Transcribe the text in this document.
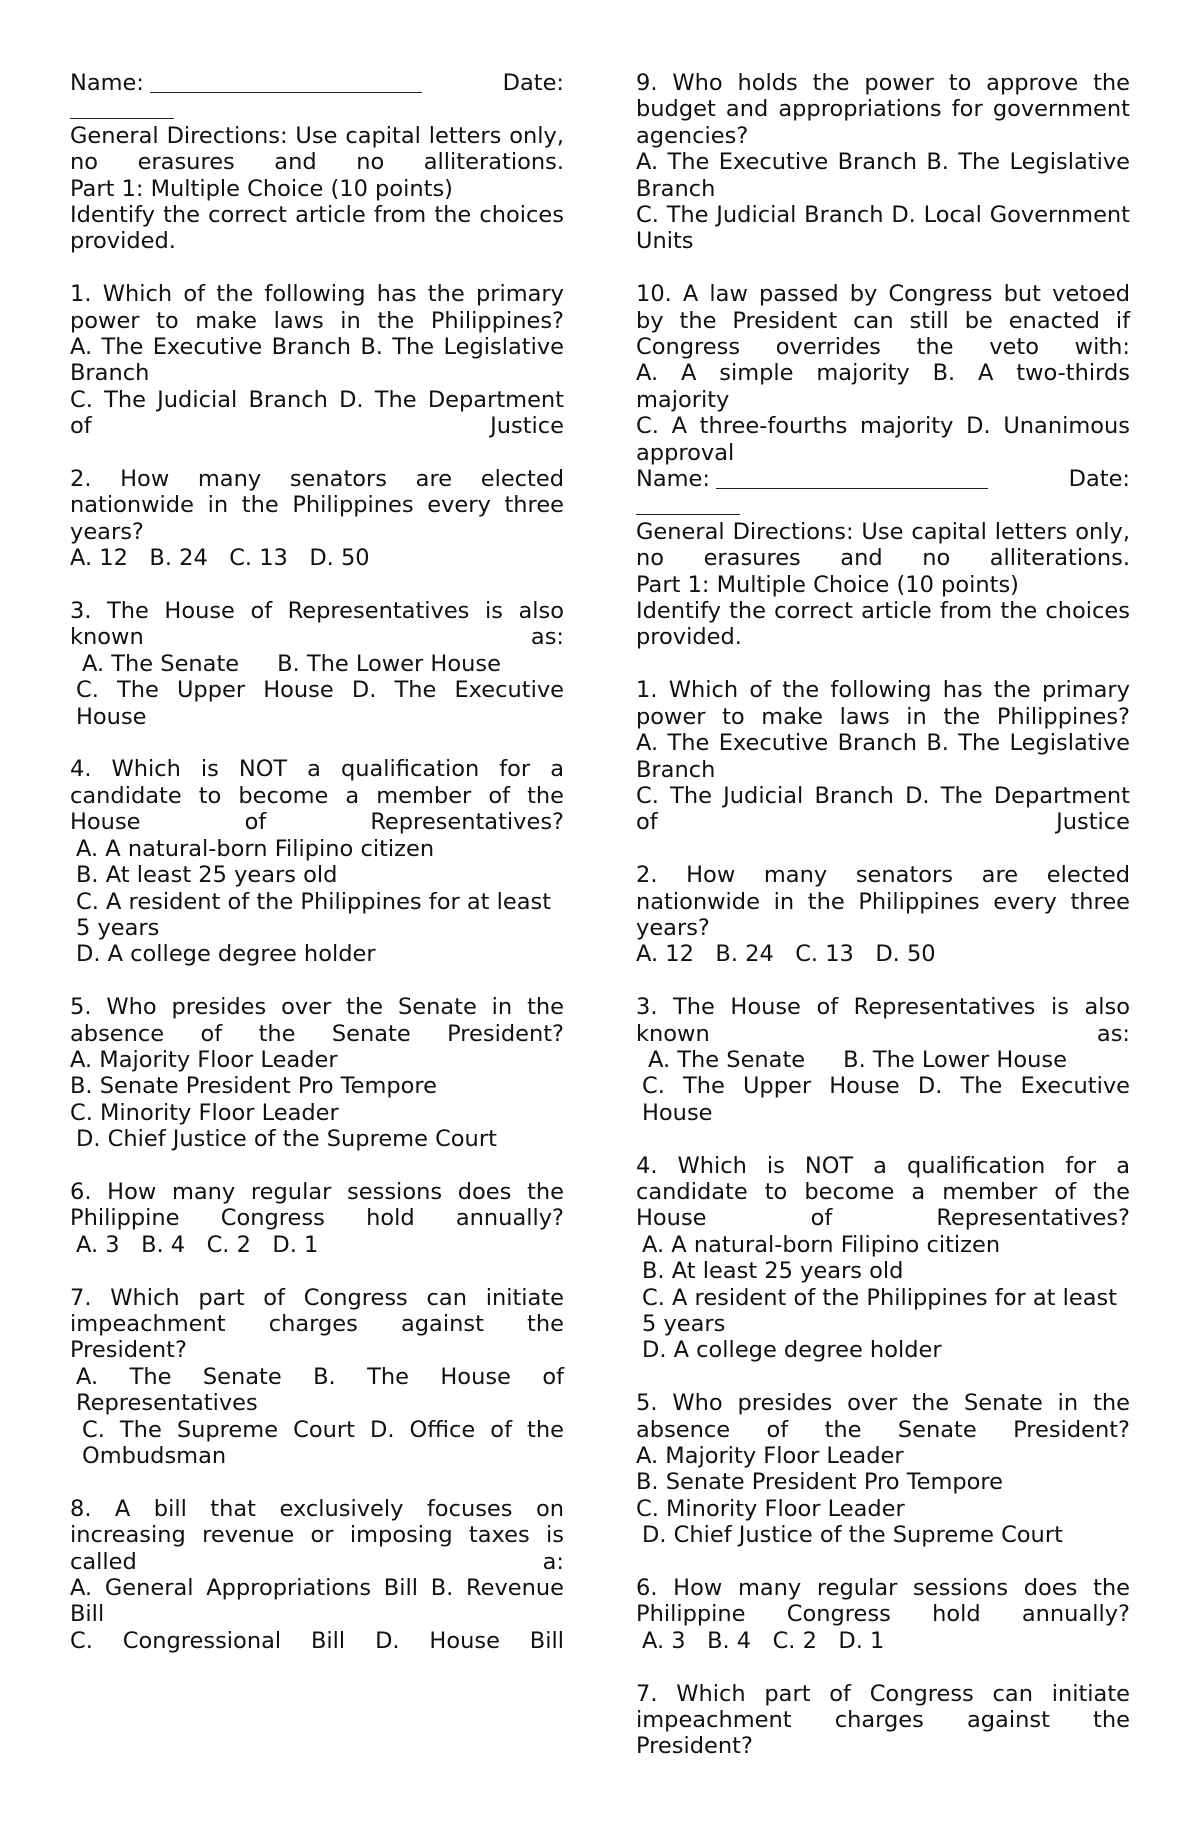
Name:	Date:

General Directions: Use capital letters only, no erasures and no alliterations.

Part 1: Multiple Choice (10 points)

Identify the correct article from the choices provided.

1. Which of the following has the primary power to make laws in the Philippines?

A. The Executive Branch B. The Legislative Branch

C. The Judicial Branch D. The Department of Justice

2. How many senators are elected nationwide in the Philippines every three years?

A. 12   B. 24   C. 13   D. 50

3. The House of Representatives is also known as:

A. The Senate B. The Lower House

C. The Upper House D. The Executive House

4. Which is NOT a qualification for a candidate to become a member of the House of Representatives?

A. A natural-born Filipino citizen

B. At least 25 years old

C. A resident of the Philippines for at least 5 years

D. A college degree holder

5. Who presides over the Senate in the absence of the Senate President?

A. Majority Floor Leader

B. Senate President Pro Tempore

C. Minority Floor Leader

D. Chief Justice of the Supreme Court

6. How many regular sessions does the Philippine Congress hold annually?

A. 3   B. 4   C. 2   D. 1

7. Which part of Congress can initiate impeachment charges against the President?

A. The Senate B. The House of Representatives

C. The Supreme Court D. Office of the Ombudsman

8. A bill that exclusively focuses on increasing revenue or imposing taxes is called a:

A. General Appropriations Bill B. Revenue Bill

C. Congressional Bill D. House Bill

9. Who holds the power to approve the budget and appropriations for government agencies?

A. The Executive Branch B. The Legislative Branch

C. The Judicial Branch D. Local Government Units

10. A law passed by Congress but vetoed by the President can still be enacted if Congress overrides the veto with:

A. A simple majority B. A two-thirds majority

C. A three-fourths majority D. Unanimous approval

Name:	Date:

General Directions: Use capital letters only, no erasures and no alliterations.

Part 1: Multiple Choice (10 points)

Identify the correct article from the choices provided.

1. Which of the following has the primary power to make laws in the Philippines?

A. The Executive Branch B. The Legislative Branch

C. The Judicial Branch D. The Department of Justice

2. How many senators are elected nationwide in the Philippines every three years?

A. 12   B. 24   C. 13   D. 50

3. The House of Representatives is also known as:

A. The Senate B. The Lower House

C. The Upper House D. The Executive House

4. Which is NOT a qualification for a candidate to become a member of the House of Representatives?

A. A natural-born Filipino citizen

B. At least 25 years old

C. A resident of the Philippines for at least 5 years

D. A college degree holder

5. Who presides over the Senate in the absence of the Senate President?

A. Majority Floor Leader

B. Senate President Pro Tempore

C. Minority Floor Leader

D. Chief Justice of the Supreme Court

6. How many regular sessions does the Philippine Congress hold annually?

A. 3   B. 4   C. 2   D. 1

7. Which part of Congress can initiate impeachment charges against the President?
